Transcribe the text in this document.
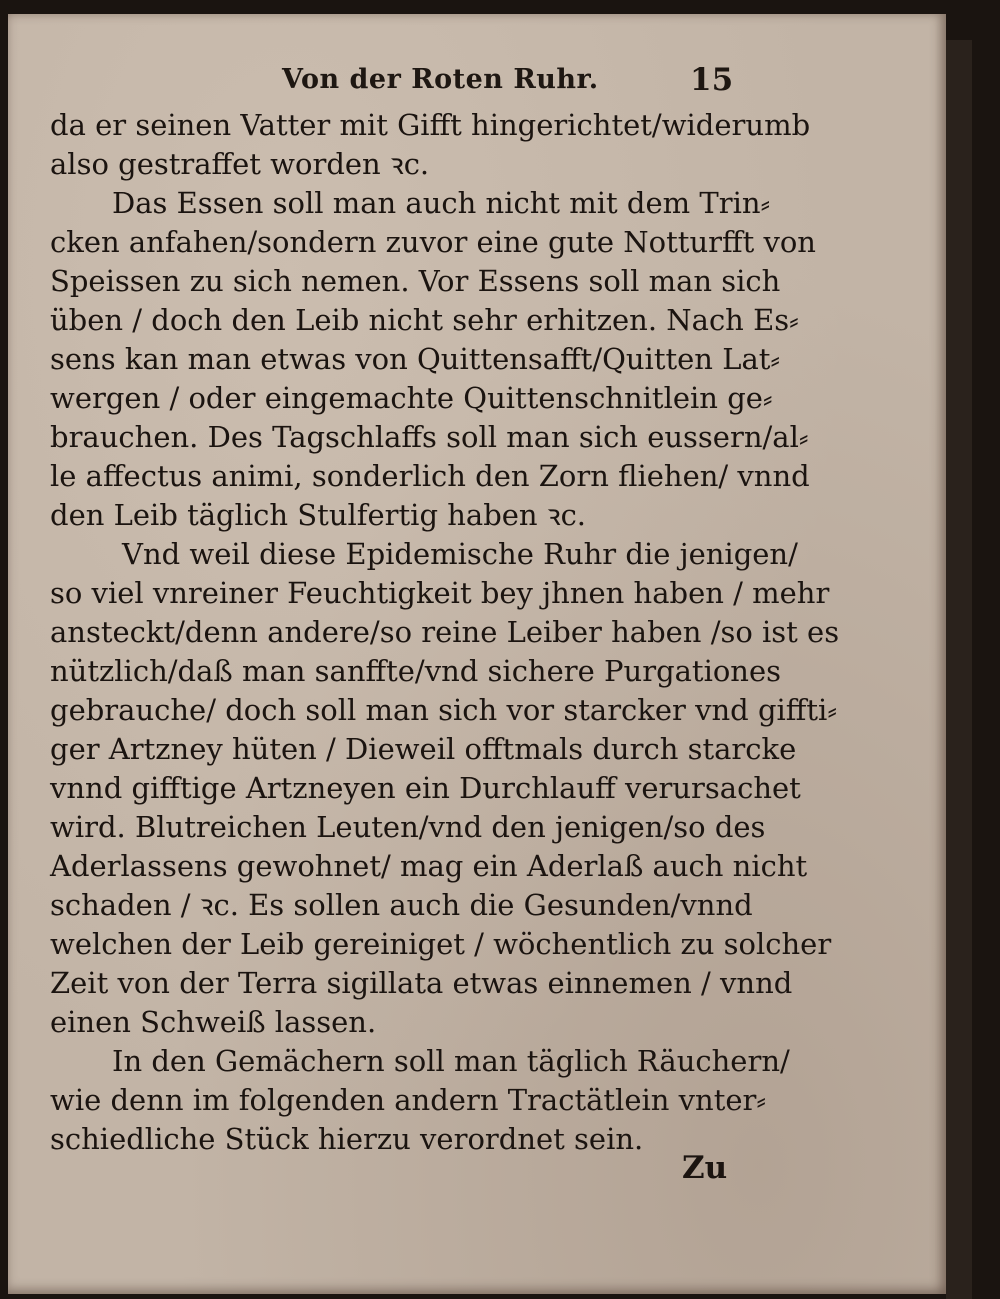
Von der Roten Ruhr.	15
da er seinen Vatter mit Gifft hingerichtet/widerumb
also gestraffet worden ꝛc.
Das Essen soll man auch nicht mit dem Trin⸗
cken anfahen/sondern zuvor eine gute Notturfft von
Speissen zu sich nemen. Vor Essens soll man sich
üben / doch den Leib nicht sehr erhitzen. Nach Es⸗
sens kan man etwas von Quittensafft/Quitten Lat⸗
wergen / oder eingemachte Quittenschnitlein ge⸗
brauchen. Des Tagschlaffs soll man sich eussern/al⸗
le affectus animi, sonderlich den Zorn fliehen/ vnnd
den Leib täglich Stulfertig haben ꝛc.
Vnd weil diese Epidemische Ruhr die jenigen/
so viel vnreiner Feuchtigkeit bey jhnen haben / mehr
ansteckt/denn andere/so reine Leiber haben /so ist es
nützlich/daß man sanffte/vnd sichere Purgationes
gebrauche/ doch soll man sich vor starcker vnd giffti⸗
ger Artzney hüten / Dieweil offtmals durch starcke
vnnd gifftige Artzneyen ein Durchlauff verursachet
wird. Blutreichen Leuten/vnd den jenigen/so des
Aderlassens gewohnet/ mag ein Aderlaß auch nicht
schaden / ꝛc. Es sollen auch die Gesunden/vnnd
welchen der Leib gereiniget / wöchentlich zu solcher
Zeit von der Terra sigillata etwas einnemen / vnnd
einen Schweiß lassen.
In den Gemächern soll man täglich Räuchern/
wie denn im folgenden andern Tractätlein vnter⸗
schiedliche Stück hierzu verordnet sein.
Zu
